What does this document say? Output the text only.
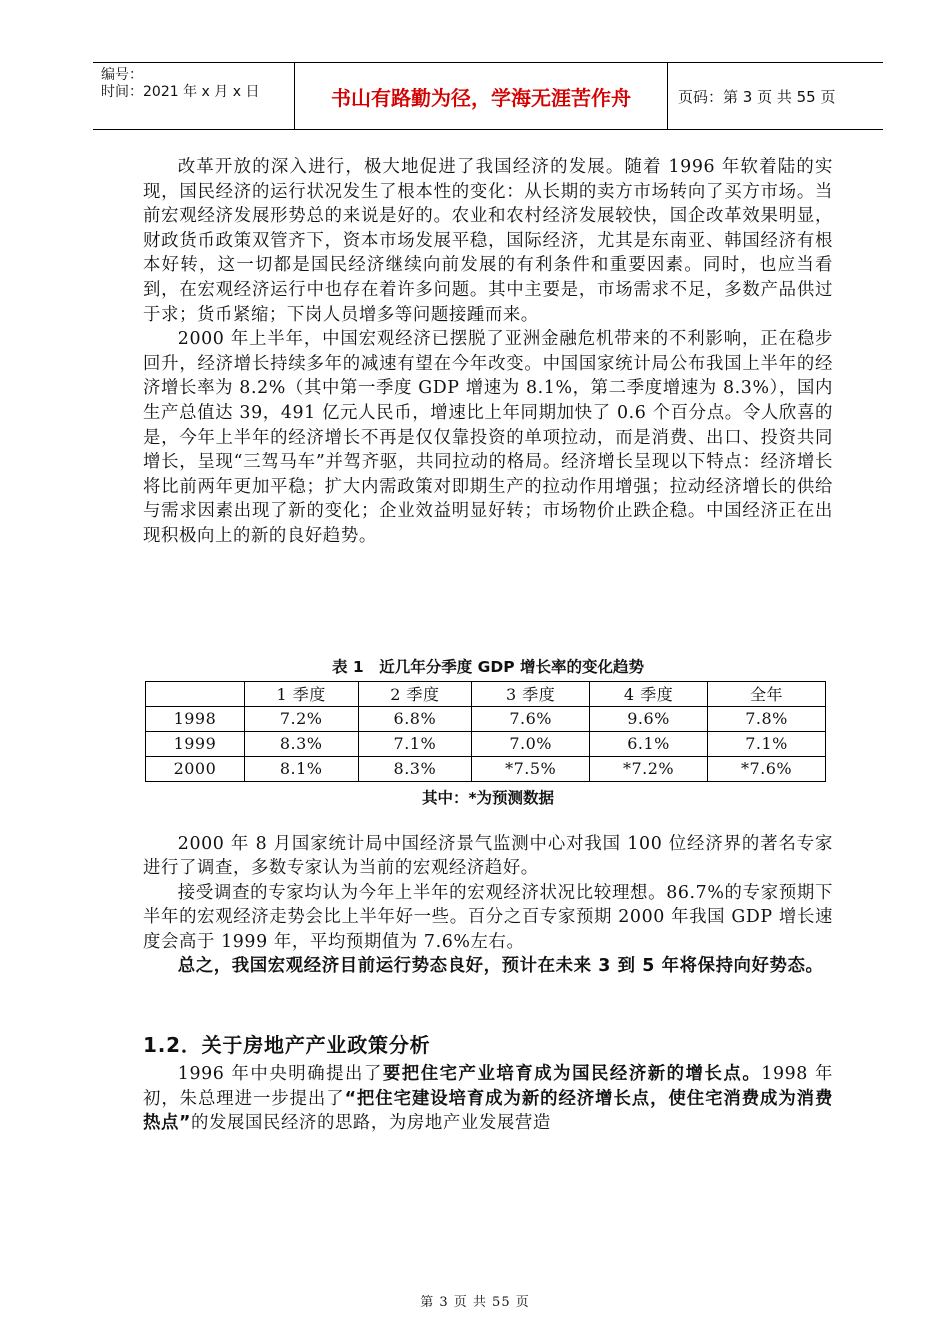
编号：
时间：2021 年 x 月 x 日	书山有路勤为径，学海无涯苦作舟	页码：第 3 页 共 55 页

改革开放的深入进行，极大地促进了我国经济的发展。随着 1996 年软着陆的实现，国民经济的运行状况发生了根本性的变化：从长期的卖方市场转向了买方市场。当前宏观经济发展形势总的来说是好的。农业和农村经济发展较快，国企改革效果明显，财政货币政策双管齐下，资本市场发展平稳，国际经济，尤其是东南亚、韩国经济有根本好转，这一切都是国民经济继续向前发展的有利条件和重要因素。同时，也应当看到，在宏观经济运行中也存在着许多问题。其中主要是，市场需求不足，多数产品供过于求；货币紧缩；下岗人员增多等问题接踵而来。

2000 年上半年，中国宏观经济已摆脱了亚洲金融危机带来的不利影响，正在稳步回升，经济增长持续多年的减速有望在今年改变。中国国家统计局公布我国上半年的经济增长率为 8.2%（其中第一季度 GDP 增速为 8.1%，第二季度增速为 8.3%），国内生产总值达 39，491 亿元人民币，增速比上年同期加快了 0.6 个百分点。令人欣喜的是，今年上半年的经济增长不再是仅仅靠投资的单项拉动，而是消费、出口、投资共同增长，呈现“三驾马车”并驾齐驱，共同拉动的格局。经济增长呈现以下特点：经济增长将比前两年更加平稳；扩大内需政策对即期生产的拉动作用增强；拉动经济增长的供给与需求因素出现了新的变化；企业效益明显好转；市场物价止跌企稳。中国经济正在出现积极向上的新的良好趋势。

表 1　近几年分季度 GDP 增长率的变化趋势
	1 季度	2 季度	3 季度	4 季度	全年
1998	7.2%	6.8%	7.6%	9.6%	7.8%
1999	8.3%	7.1%	7.0%	6.1%	7.1%
2000	8.1%	8.3%	*7.5%	*7.2%	*7.6%
其中：*为预测数据

2000 年 8 月国家统计局中国经济景气监测中心对我国 100 位经济界的著名专家进行了调查，多数专家认为当前的宏观经济趋好。

接受调查的专家均认为今年上半年的宏观经济状况比较理想。86.7%的专家预期下半年的宏观经济走势会比上半年好一些。百分之百专家预期 2000 年我国 GDP 增长速度会高于 1999 年，平均预期值为 7.6%左右。

总之，我国宏观经济目前运行势态良好，预计在未来 3 到 5 年将保持向好势态。

1.2．关于房地产产业政策分析

1996 年中央明确提出了要把住宅产业培育成为国民经济新的增长点。1998 年初，朱总理进一步提出了“把住宅建设培育成为新的经济增长点，使住宅消费成为消费热点”的发展国民经济的思路，为房地产业发展营造

第 3 页 共 55 页
